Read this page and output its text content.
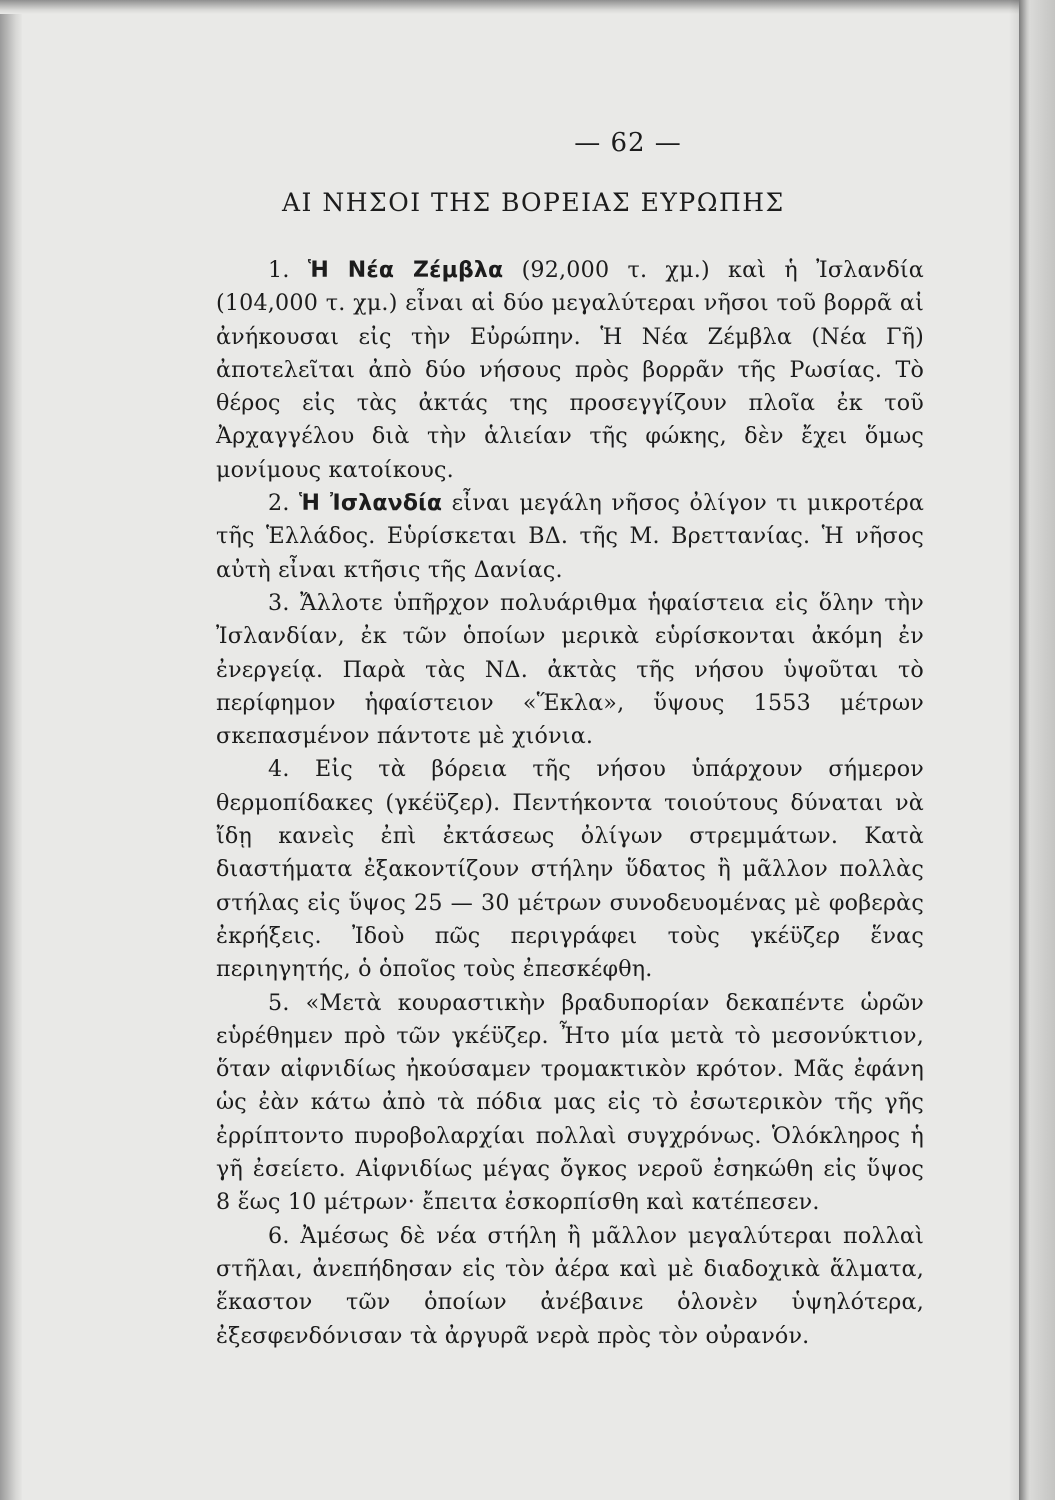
— 62 —
ΑΙ ΝΗΣΟΙ ΤΗΣ ΒΟΡΕΙΑΣ ΕΥΡΩΠΗΣ

1. Ἡ Νέα Ζέμβλα (92,000 τ. χμ.) καὶ ἡ Ἰσλανδία (104,000 τ. χμ.) εἶναι αἱ δύο μεγαλύτεραι νῆσοι τοῦ βορρᾶ αἱ ἀνήκουσαι εἰς τὴν Εὐρώπην. Ἡ Νέα Ζέμβλα (Νέα Γῆ) ἀποτελεῖται ἀπὸ δύο νήσους πρὸς βορρᾶν τῆς Ρωσίας. Τὸ θέρος εἰς τὰς ἀκτάς της προσεγγίζουν πλοῖα ἐκ τοῦ Ἀρχαγγέλου διὰ τὴν ἁλιείαν τῆς φώκης, δὲν ἔχει ὅμως μονίμους κατοίκους.

2. Ἡ Ἰσλανδία εἶναι μεγάλη νῆσος ὀλίγον τι μικροτέρα τῆς Ἑλλάδος. Εὑρίσκεται ΒΔ. τῆς Μ. Βρεττανίας. Ἡ νῆσος αὐτὴ εἶναι κτῆσις τῆς Δανίας.

3. Ἄλλοτε ὑπῆρχον πολυάριθμα ἡφαίστεια εἰς ὅλην τὴν Ἰσλανδίαν, ἐκ τῶν ὁποίων μερικὰ εὑρίσκονται ἀκόμη ἐν ἐνεργείᾳ. Παρὰ τὰς ΝΔ. ἀκτὰς τῆς νήσου ὑψοῦται τὸ περίφημον ἡφαίστειον «Ἕκλα», ὕψους 1553 μέτρων σκεπασμένον πάντοτε μὲ χιόνια.

4. Εἰς τὰ βόρεια τῆς νήσου ὑπάρχουν σήμερον θερμοπίδακες (γκέϋζερ). Πεντήκοντα τοιούτους δύναται νὰ ἴδῃ κανεὶς ἐπὶ ἐκτάσεως ὀλίγων στρεμμάτων. Κατὰ διαστήματα ἐξακοντίζουν στήλην ὕδατος ἢ μᾶλλον πολλὰς στήλας εἰς ὕψος 25 — 30 μέτρων συνοδευομένας μὲ φοβερὰς ἐκρήξεις. Ἰδοὺ πῶς περιγράφει τοὺς γκέϋζερ ἕνας περιηγητής, ὁ ὁποῖος τοὺς ἐπεσκέφθη.

5. «Μετὰ κουραστικὴν βραδυπορίαν δεκαπέντε ὡρῶν εὑρέθημεν πρὸ τῶν γκέϋζερ. Ἦτο μία μετὰ τὸ μεσονύκτιον, ὅταν αἰφνιδίως ἠκούσαμεν τρομακτικὸν κρότον. Μᾶς ἐφάνη ὡς ἐὰν κάτω ἀπὸ τὰ πόδια μας εἰς τὸ ἐσωτερικὸν τῆς γῆς ἐρρίπτοντο πυροβολαρχίαι πολλαὶ συγχρόνως. Ὁλόκληρος ἡ γῆ ἐσείετο. Αἰφνιδίως μέγας ὄγκος νεροῦ ἐσηκώθη εἰς ὕψος 8 ἕως 10 μέτρων· ἔπειτα ἐσκορπίσθη καὶ κατέπεσεν.

6. Ἀμέσως δὲ νέα στήλη ἢ μᾶλλον μεγαλύτεραι πολλαὶ στῆλαι, ἀνεπήδησαν εἰς τὸν ἀέρα καὶ μὲ διαδοχικὰ ἅλματα, ἕκαστον τῶν ὁποίων ἀνέβαινε ὁλονὲν ὑψηλότερα, ἐξεσφενδόνισαν τὰ ἀργυρᾶ νερὰ πρὸς τὸν οὐρανόν.
